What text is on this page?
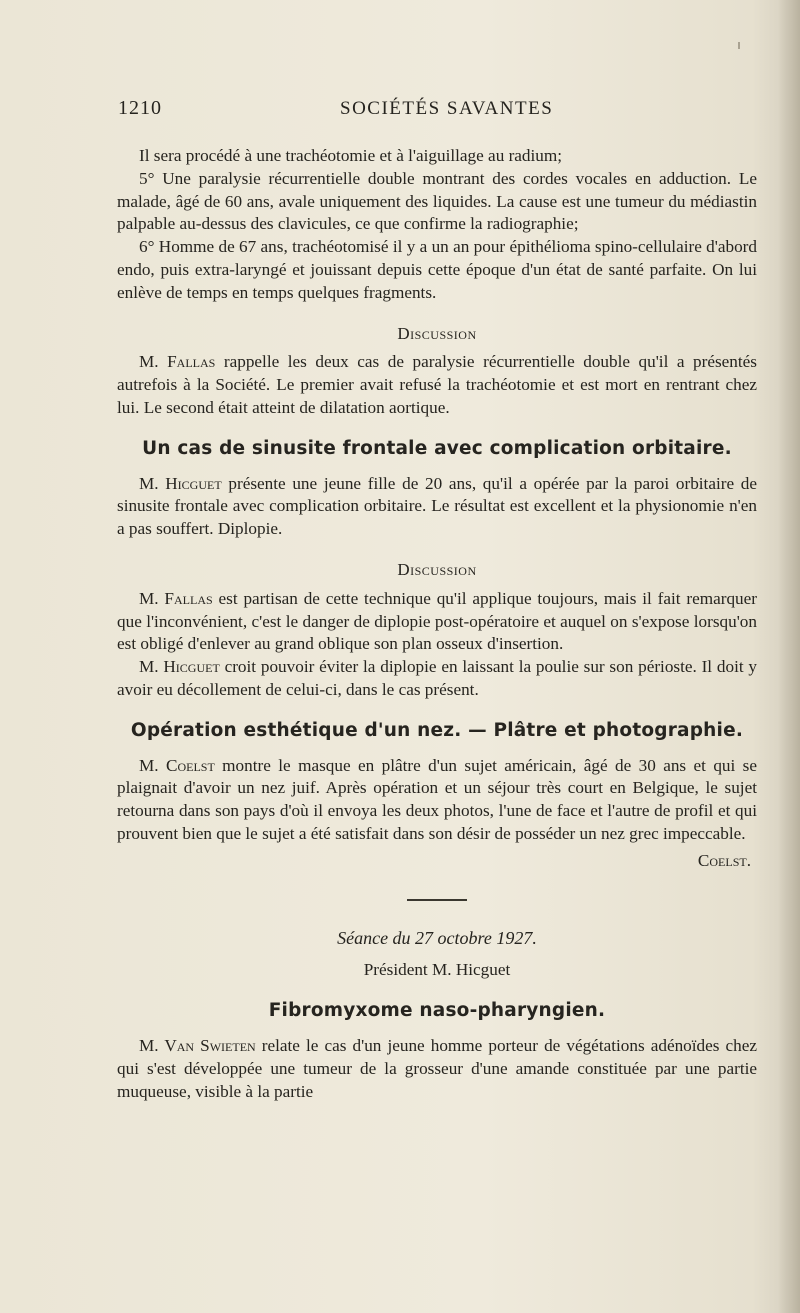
1210	SOCIÉTÉS SAVANTES

Il sera procédé à une trachéotomie et à l'aiguillage au radium;

5° Une paralysie récurrentielle double montrant des cordes vocales en adduction. Le malade, âgé de 60 ans, avale uniquement des liquides. La cause est une tumeur du médiastin palpable au-dessus des clavicules, ce que confirme la radiographie;

6° Homme de 67 ans, trachéotomisé il y a un an pour épithélioma spino-cellulaire d'abord endo, puis extra-laryngé et jouissant depuis cette époque d'un état de santé parfaite. On lui enlève de temps en temps quelques fragments.

Discussion

M. Fallas rappelle les deux cas de paralysie récurrentielle double qu'il a présentés autrefois à la Société. Le premier avait refusé la trachéotomie et est mort en rentrant chez lui. Le second était atteint de dilatation aortique.

Un cas de sinusite frontale avec complication orbitaire.

M. Hicguet présente une jeune fille de 20 ans, qu'il a opérée par la paroi orbitaire de sinusite frontale avec complication orbitaire. Le résultat est excellent et la physionomie n'en a pas souffert. Diplopie.

Discussion

M. Fallas est partisan de cette technique qu'il applique toujours, mais il fait remarquer que l'inconvénient, c'est le danger de diplopie post-opératoire et auquel on s'expose lorsqu'on est obligé d'enlever au grand oblique son plan osseux d'insertion.

M. Hicguet croit pouvoir éviter la diplopie en laissant la poulie sur son périoste. Il doit y avoir eu décollement de celui-ci, dans le cas présent.

Opération esthétique d'un nez. — Plâtre et photographie.

M. Coelst montre le masque en plâtre d'un sujet américain, âgé de 30 ans et qui se plaignait d'avoir un nez juif. Après opération et un séjour très court en Belgique, le sujet retourna dans son pays d'où il envoya les deux photos, l'une de face et l'autre de profil et qui prouvent bien que le sujet a été satisfait dans son désir de posséder un nez grec impeccable.

Coelst.
Séance du 27 octobre 1927.
Président M. Hicguet
Fibromyxome naso-pharyngien.

M. Van Swieten relate le cas d'un jeune homme porteur de végétations adénoïdes chez qui s'est développée une tumeur de la grosseur d'une amande constituée par une partie muqueuse, visible à la partie
